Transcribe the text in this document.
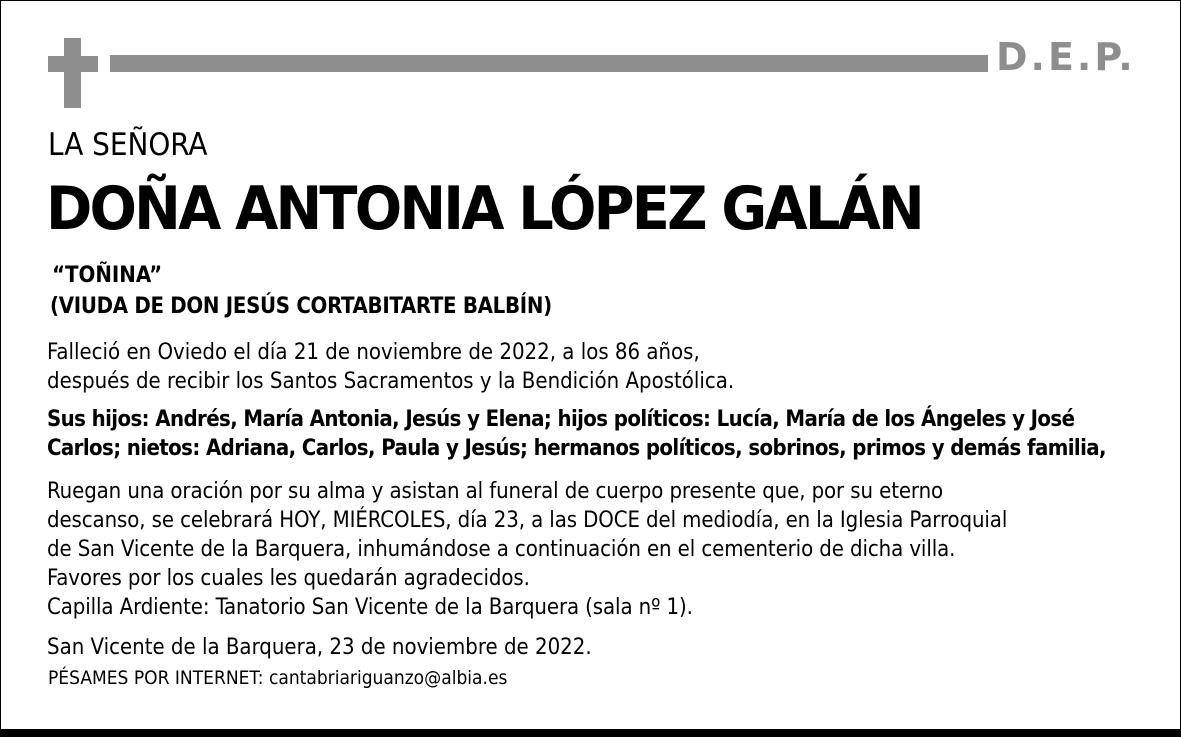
D.E.P.
LA SEÑORA
DOÑA ANTONIA LÓPEZ GALÁN
“TOÑINA”
(VIUDA DE DON JESÚS CORTABITARTE BALBÍN)
Falleció en Oviedo el día 21 de noviembre de 2022, a los 86 años,
después de recibir los Santos Sacramentos y la Bendición Apostólica.
Sus hijos: Andrés, María Antonia, Jesús y Elena; hijos políticos: Lucía, María de los Ángeles y José
Carlos; nietos: Adriana, Carlos, Paula y Jesús; hermanos políticos, sobrinos, primos y demás familia,
Ruegan una oración por su alma y asistan al funeral de cuerpo presente que, por su eterno
descanso, se celebrará HOY, MIÉRCOLES, día 23, a las DOCE del mediodía, en la Iglesia Parroquial
de San Vicente de la Barquera, inhumándose a continuación en el cementerio de dicha villa.
Favores por los cuales les quedarán agradecidos.
Capilla Ardiente: Tanatorio San Vicente de la Barquera (sala nº 1).
San Vicente de la Barquera, 23 de noviembre de 2022.
PÉSAMES POR INTERNET: cantabriariguanzo@albia.es
